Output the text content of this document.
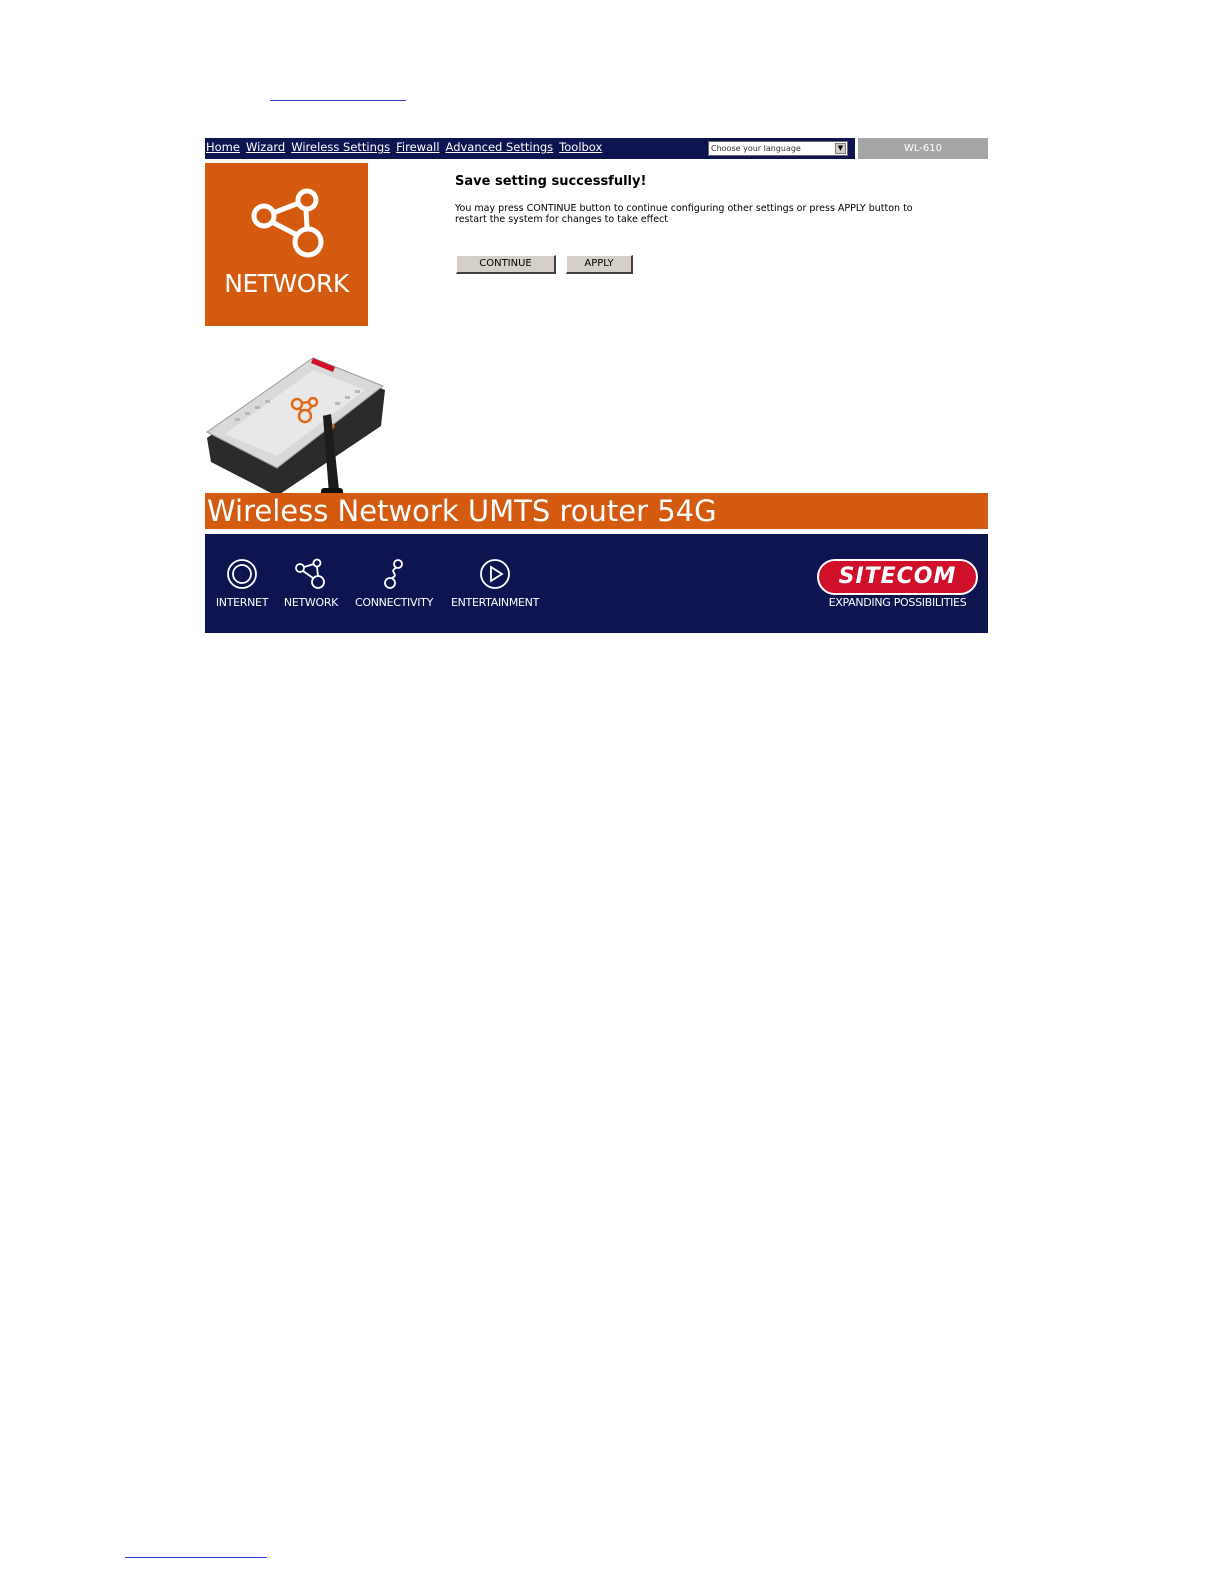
Home Wizard Wireless Settings Firewall Advanced Settings Toolbox	Choose your language	▼	WL-610
NETWORK

Save setting successfully!

You may press CONTINUE button to continue configuring other settings or press APPLY button to restart the system for changes to take effect
CONTINUE	APPLY
Wireless Network UMTS router 54G
INTERNET	NETWORK	CONNECTIVITY	ENTERTAINMENT
SITECOM
EXPANDING POSSIBILITIES
